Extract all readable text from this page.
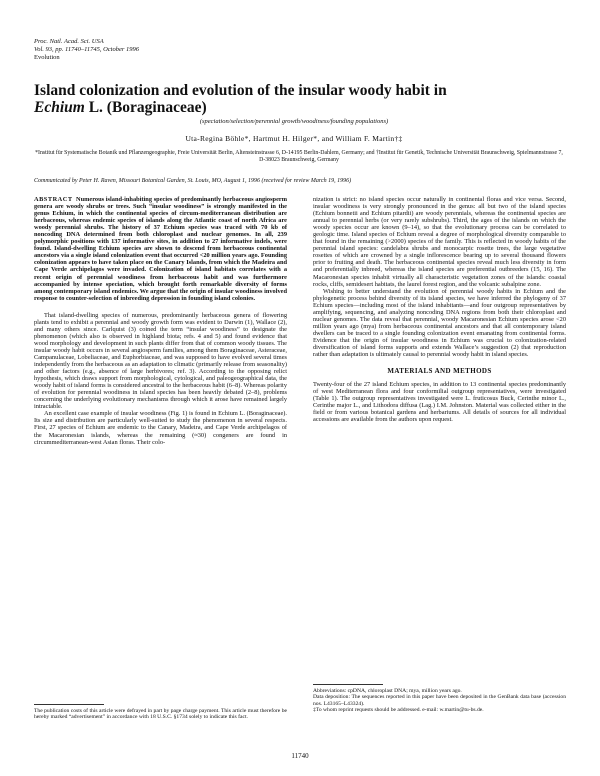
Proc. Natl. Acad. Sci. USA
Vol. 93, pp. 11740–11745, October 1996
Evolution
Island colonization and evolution of the insular woody habit in
Echium L. (Boraginaceae)
(speciation/selection/perennial growth/woodiness/founding populations)
Uta-Regina Böhle*, Hartmut H. Hilger*, and William F. Martin†‡
*Institut für Systematische Botanik und Pflanzengeographie, Freie Universität Berlin, Altensteinstrasse 6, D-14195 Berlin-Dahlem, Germany; and †Institut für Genetik, Technische Universität Braunschweig, Spielmannstrasse 7, D-38023 Braunschweig, Germany
Communicated by Peter H. Raven, Missouri Botanical Garden, St. Louis, MO, August 1, 1996 (received for review March 19, 1996)

ABSTRACT Numerous island-inhabiting species of predominantly herbaceous angiosperm genera are woody shrubs or trees. Such “insular woodiness” is strongly manifested in the genus Echium, in which the continental species of circum-mediterranean distribution are herbaceous, whereas endemic species of islands along the Atlantic coast of north Africa are woody perennial shrubs. The history of 37 Echium species was traced with 70 kb of noncoding DNA determined from both chloroplast and nuclear genomes. In all, 239 polymorphic positions with 137 informative sites, in addition to 27 informative indels, were found. Island-dwelling Echium species are shown to descend from herbaceous continental ancestors via a single island colonization event that occurred <20 million years ago. Founding colonization appears to have taken place on the Canary Islands, from which the Madeira and Cape Verde archipelagos were invaded. Colonization of island habitats correlates with a recent origin of perennial woodiness from herbaceous habit and was furthermore accompanied by intense speciation, which brought forth remarkable diversity of forms among contemporary island endemics. We argue that the origin of insular woodiness involved response to counter-selection of inbreeding depression in founding island colonies.

That island-dwelling species of numerous, predominantly herbaceous genera of flowering plants tend to exhibit a perennial and woody growth form was evident to Darwin (1), Wallace (2), and many others since. Carlquist (3) coined the term “insular woodiness” to designate the phenomenon (which also is observed in highland biota; refs. 4 and 5) and found evidence that wood morphology and development in such plants differ from that of common woody tissues. The insular woody habit occurs in several angiosperm families, among them Boraginaceae, Asteraceae, Campanulaceae, Lobeliaceae, and Euphorbiaceae, and was supposed to have evolved several times independently from the herbaceous as an adaptation to climatic (primarily release from seasonality) and other factors (e.g., absence of large herbivores; ref. 3). According to the opposing relict hypothesis, which draws support from morphological, cytological, and paleogeographical data, the woody habit of island forms is considered ancestral to the herbaceous habit (6–8). Whereas polarity of evolution for perennial woodiness in island species has been heavily debated (2–8), problems concerning the underlying evolutionary mechanisms through which it arose have remained largely intractable.

An excellent case example of insular woodiness (Fig. 1) is found in Echium L. (Boraginaceae). Its size and distribution are particularly well-suited to study the phenomenon in several respects. First, 27 species of Echium are endemic to the Canary, Madeira, and Cape Verde archipelagos of the Macaronesian islands, whereas the remaining (≈30) congeners are found in circummediterranean-west Asian floras. Their colo-

The publication costs of this article were defrayed in part by page charge payment. This article must therefore be hereby marked “advertisement” in accordance with 18 U.S.C. §1734 solely to indicate this fact.

nization is strict: no island species occur naturally in continental floras and vice versa. Second, insular woodiness is very strongly pronounced in the genus: all but two of the island species (Echium bonnetii and Echium pitardii) are woody perennials, whereas the continental species are annual to perennial herbs (or very rarely subshrubs). Third, the ages of the islands on which the woody species occur are known (9–14), so that the evolutionary process can be correlated to geologic time. Island species of Echium reveal a degree of morphological diversity comparable to that found in the remaining (>2000) species of the family. This is reflected in woody habits of the perennial island species: candelabra shrubs and monocarpic rosette trees, the large vegetative rosettes of which are crowned by a single inflorescence bearing up to several thousand flowers prior to fruiting and death. The herbaceous continental species reveal much less diversity in form and preferentially inbreed, whereas the island species are preferential outbreeders (15, 16). The Macaronesian species inhabit virtually all characteristic vegetation zones of the islands: coastal rocks, cliffs, semidesert habitats, the laurel forest region, and the volcanic subalpine zone.

Wishing to better understand the evolution of perennial woody habits in Echium and the phylogenetic process behind diversity of its island species, we have inferred the phylogeny of 37 Echium species—including most of the island inhabitants—and four outgroup representatives by amplifying, sequencing, and analyzing noncoding DNA regions from both their chloroplast and nuclear genomes. The data reveal that perennial, woody Macaronesian Echium species arose <20 million years ago (mya) from herbaceous continental ancestors and that all contemporary island dwellers can be traced to a single founding colonization event emanating from continental forms. Evidence that the origin of insular woodiness in Echium was crucial to colonization-related diversification of island forms supports and extends Wallace’s suggestion (2) that reproduction rather than adaptation is ultimately causal to perennial woody habit in island species.

MATERIALS AND METHODS

Twenty-four of the 27 island Echium species, in addition to 13 continental species predominantly of west Mediterranean flora and four conformilial outgroup representatives, were investigated (Table 1). The outgroup representatives investigated were L. fruticosus Buck, Cerinthe minor L., Cerinthe major L., and Lithodora diffusa (Lag.) I.M. Johnston. Material was collected either in the field or from various botanical gardens and herbariums. All details of sources for all individual accessions are available from the authors upon request.

Abbreviations: cpDNA, chloroplast DNA; mya, million years ago.

Data deposition: The sequences reported in this paper have been deposited in the GenBank data base (accession nos. L43165–L43324).

‡To whom reprint requests should be addressed. e-mail: w.martin@tu-bs.de.

11740
